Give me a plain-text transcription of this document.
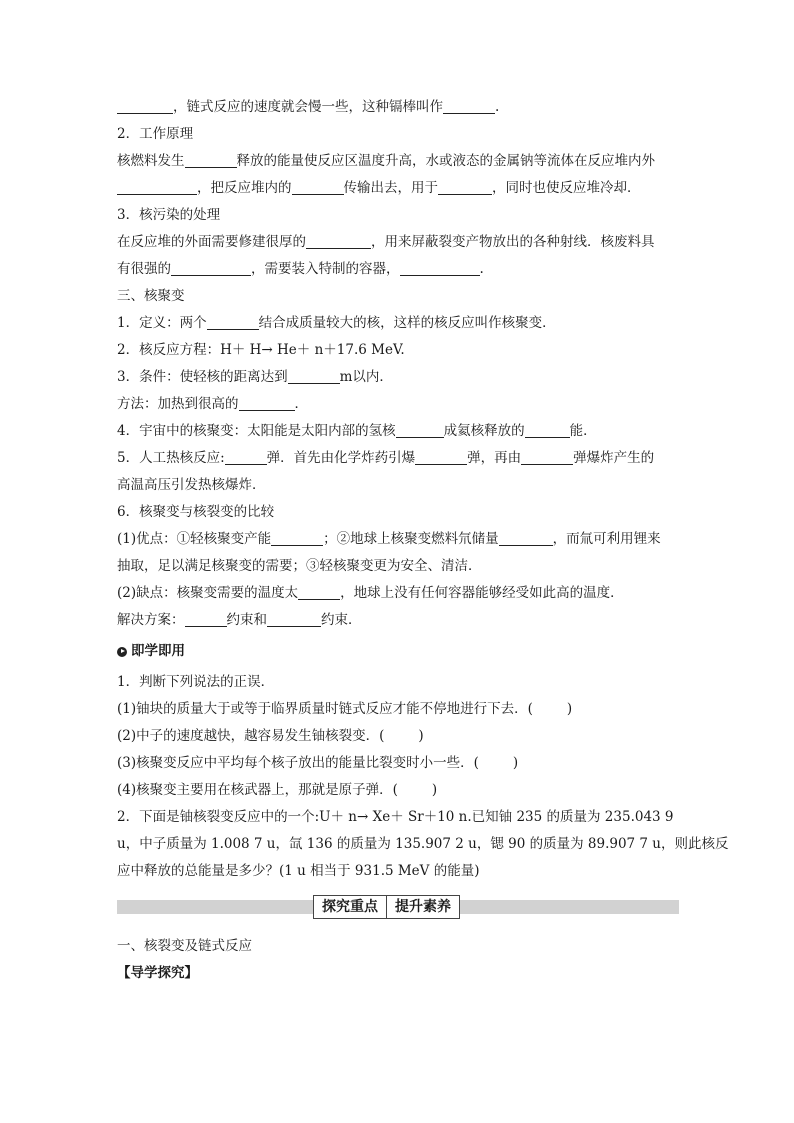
，链式反应的速度就会慢一些，这种镉棒叫作	.
2．工作原理
核燃料发生	释放的能量使反应区温度升高，水或液态的金属钠等流体在反应堆内外
，把反应堆内的	传输出去，用于	，同时也使反应堆冷却．
3．核污染的处理
在反应堆的外面需要修建很厚的	，用来屏蔽裂变产物放出的各种射线．核废料具
有很强的	，需要装入特制的容器，	.
三、核聚变
1．定义：两个	结合成质量较大的核，这样的核反应叫作核聚变．
2．核反应方程：H＋ H→ He＋ n＋17.6 MeV.
3．条件：使轻核的距离达到	m以内．
方法：加热到很高的	．
4．宇宙中的核聚变：太阳能是太阳内部的氢核	成氦核释放的	能．
5．人工热核反应:	弹．首先由化学炸药引爆	弹，再由	弹爆炸产生的
高温高压引发热核爆炸．
6．核聚变与核裂变的比较
(1)优点：①轻核聚变产能	；②地球上核聚变燃料氘储量	，而氚可利用锂来
抽取，足以满足核聚变的需要；③轻核聚变更为安全、清洁．
(2)缺点：核聚变需要的温度太	，地球上没有任何容器能够经受如此高的温度．
解决方案：	约束和	约束．
即学即用
1．判断下列说法的正误．
(1)铀块的质量大于或等于临界质量时链式反应才能不停地进行下去．(	)
(2)中子的速度越快，越容易发生铀核裂变．(	)
(3)核聚变反应中平均每个核子放出的能量比裂变时小一些．(	)
(4)核聚变主要用在核武器上，那就是原子弹．(	)
2．下面是铀核裂变反应中的一个:U＋ n→ Xe＋ Sr＋10 n.已知铀 235 的质量为 235.043 9
u，中子质量为 1.008 7 u，氙 136 的质量为 135.907 2 u，锶 90 的质量为 89.907 7 u，则此核反
应中释放的总能量是多少？(1 u 相当于 931.5 MeV 的能量)
探究重点	提升素养
一、核裂变及链式反应
【导学探究】
